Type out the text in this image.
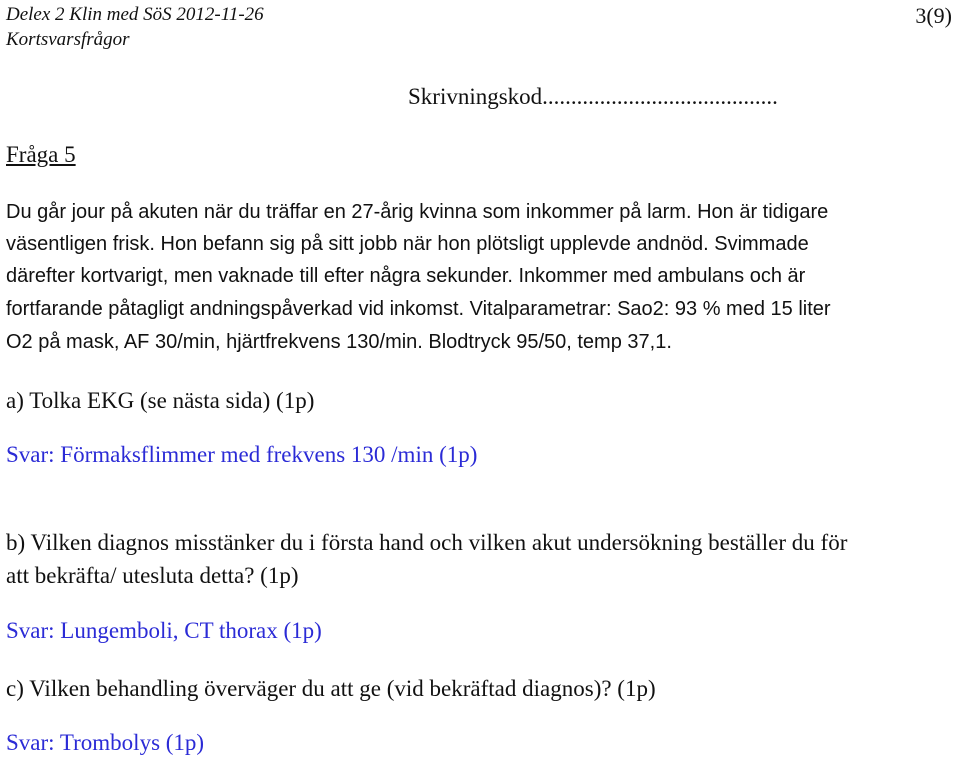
Delex 2 Klin med SöS 2012-11-26
Kortsvarsfrågor
3(9)
Skrivningskod.........................................
Fråga 5
Du går jour på akuten när du träffar en 27-årig kvinna som inkommer på larm. Hon är tidigare
väsentligen frisk. Hon befann sig på sitt jobb när hon plötsligt upplevde andnöd. Svimmade
därefter kortvarigt, men vaknade till efter några sekunder. Inkommer med ambulans och är
fortfarande påtagligt andningspåverkad vid inkomst. Vitalparametrar: Sao2: 93 % med 15 liter
O2 på mask, AF 30/min, hjärtfrekvens 130/min. Blodtryck 95/50, temp 37,1.
a) Tolka EKG (se nästa sida) (1p)
Svar: Förmaksflimmer med frekvens 130 /min (1p)
b) Vilken diagnos misstänker du i första hand och vilken akut undersökning beställer du för
att bekräfta/ utesluta detta? (1p)
Svar: Lungemboli, CT thorax (1p)
c) Vilken behandling överväger du att ge (vid bekräftad diagnos)? (1p)
Svar: Trombolys (1p)
